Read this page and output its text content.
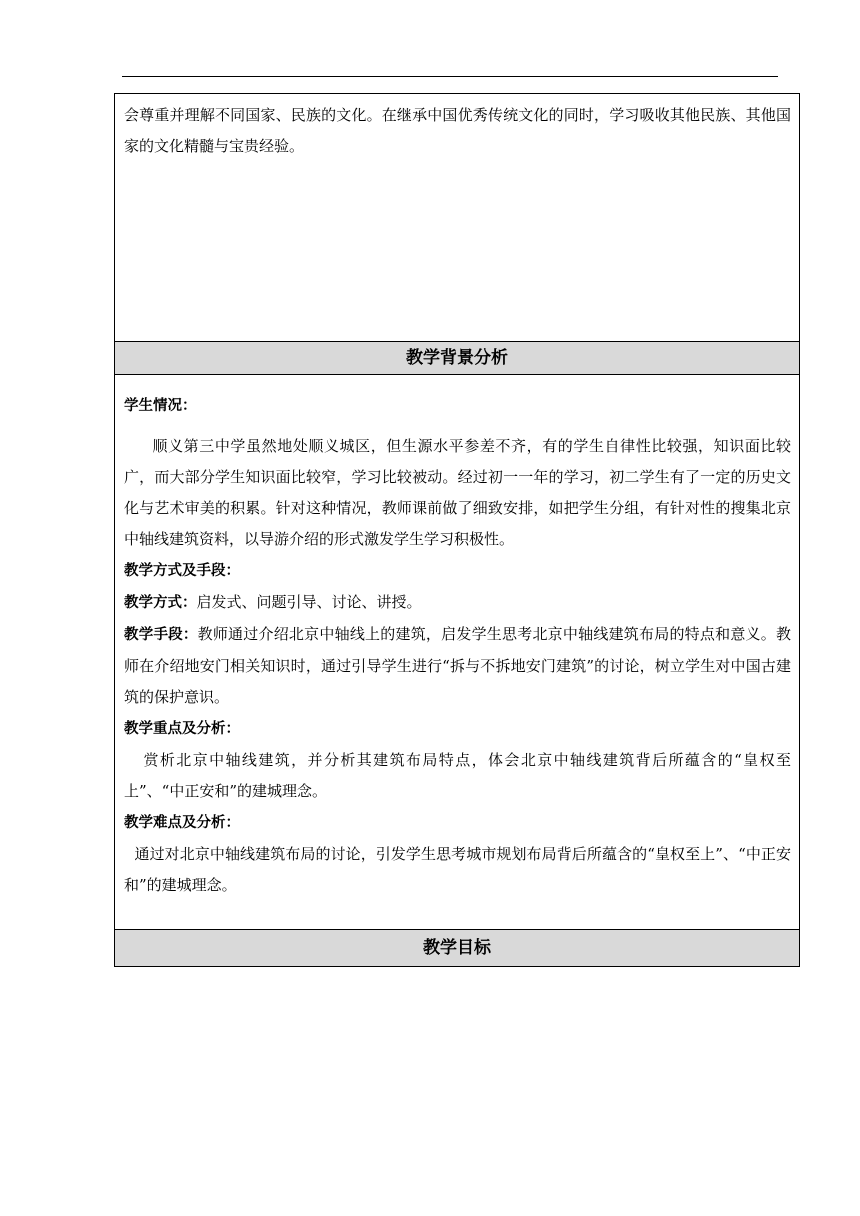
会尊重并理解不同国家、民族的文化。在继承中国优秀传统文化的同时，学习吸收其他民族、其他国家的文化精髓与宝贵经验。

教学背景分析

学生情况：

顺义第三中学虽然地处顺义城区，但生源水平参差不齐，有的学生自律性比较强，知识面比较广，而大部分学生知识面比较窄，学习比较被动。经过初一一年的学习，初二学生有了一定的历史文化与艺术审美的积累。针对这种情况，教师课前做了细致安排，如把学生分组，有针对性的搜集北京中轴线建筑资料，以导游介绍的形式激发学生学习积极性。

教学方式及手段：

教学方式：启发式、问题引导、讨论、讲授。

教学手段：教师通过介绍北京中轴线上的建筑，启发学生思考北京中轴线建筑布局的特点和意义。教师在介绍地安门相关知识时，通过引导学生进行“拆与不拆地安门建筑”的讨论，树立学生对中国古建筑的保护意识。

教学重点及分析：

赏析北京中轴线建筑，并分析其建筑布局特点，体会北京中轴线建筑背后所蕴含的“皇权至上”、“中正安和”的建城理念。

教学难点及分析：

通过对北京中轴线建筑布局的讨论，引发学生思考城市规划布局背后所蕴含的“皇权至上”、“中正安和”的建城理念。

教学目标
